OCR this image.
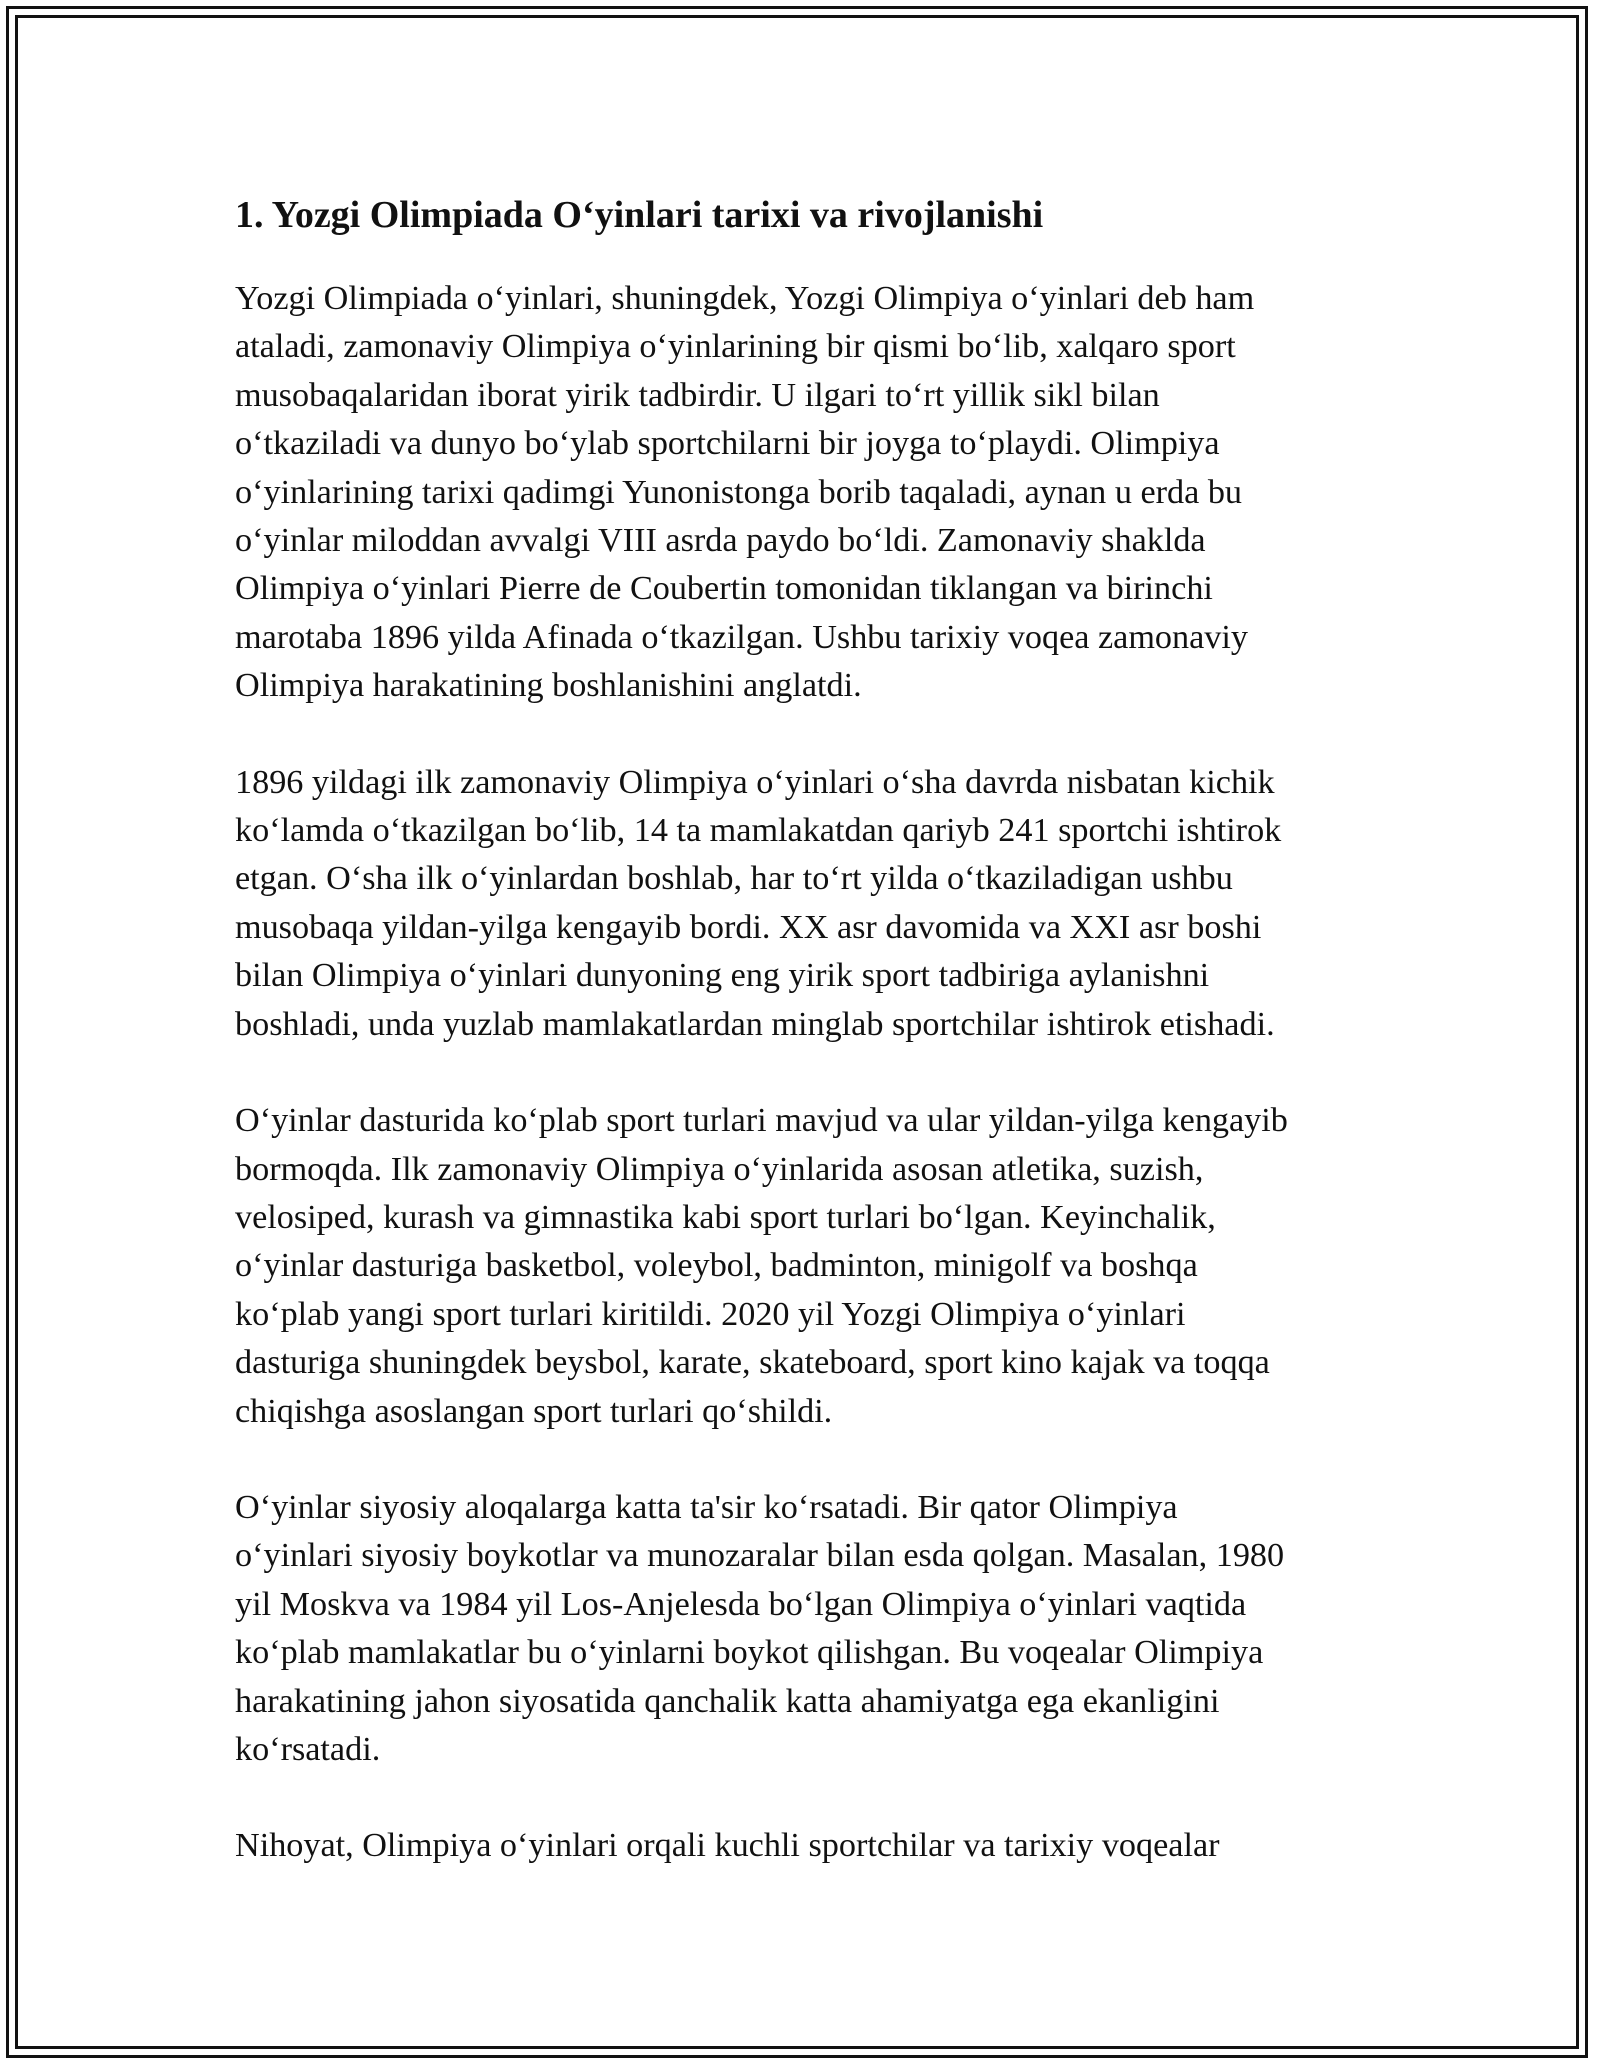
1. Yozgi Olimpiada O‘yinlari tarixi va rivojlanishi

Yozgi Olimpiada o‘yinlari, shuningdek, Yozgi Olimpiya o‘yinlari deb ham
ataladi, zamonaviy Olimpiya o‘yinlarining bir qismi bo‘lib, xalqaro sport
musobaqalaridan iborat yirik tadbirdir. U ilgari to‘rt yillik sikl bilan
o‘tkaziladi va dunyo bo‘ylab sportchilarni bir joyga to‘playdi. Olimpiya
o‘yinlarining tarixi qadimgi Yunonistonga borib taqaladi, aynan u erda bu
o‘yinlar miloddan avvalgi VIII asrda paydo bo‘ldi. Zamonaviy shaklda
Olimpiya o‘yinlari Pierre de Coubertin tomonidan tiklangan va birinchi
marotaba 1896 yilda Afinada o‘tkazilgan. Ushbu tarixiy voqea zamonaviy
Olimpiya harakatining boshlanishini anglatdi.

1896 yildagi ilk zamonaviy Olimpiya o‘yinlari o‘sha davrda nisbatan kichik
ko‘lamda o‘tkazilgan bo‘lib, 14 ta mamlakatdan qariyb 241 sportchi ishtirok
etgan. O‘sha ilk o‘yinlardan boshlab, har to‘rt yilda o‘tkaziladigan ushbu
musobaqa yildan-yilga kengayib bordi. XX asr davomida va XXI asr boshi
bilan Olimpiya o‘yinlari dunyoning eng yirik sport tadbiriga aylanishni
boshladi, unda yuzlab mamlakatlardan minglab sportchilar ishtirok etishadi.

O‘yinlar dasturida ko‘plab sport turlari mavjud va ular yildan-yilga kengayib
bormoqda. Ilk zamonaviy Olimpiya o‘yinlarida asosan atletika, suzish,
velosiped, kurash va gimnastika kabi sport turlari bo‘lgan. Keyinchalik,
o‘yinlar dasturiga basketbol, voleybol, badminton, minigolf va boshqa
ko‘plab yangi sport turlari kiritildi. 2020 yil Yozgi Olimpiya o‘yinlari
dasturiga shuningdek beysbol, karate, skateboard, sport kino kajak va toqqa
chiqishga asoslangan sport turlari qo‘shildi.

O‘yinlar siyosiy aloqalarga katta ta'sir ko‘rsatadi. Bir qator Olimpiya
o‘yinlari siyosiy boykotlar va munozaralar bilan esda qolgan. Masalan, 1980
yil Moskva va 1984 yil Los-Anjelesda bo‘lgan Olimpiya o‘yinlari vaqtida
ko‘plab mamlakatlar bu o‘yinlarni boykot qilishgan. Bu voqealar Olimpiya
harakatining jahon siyosatida qanchalik katta ahamiyatga ega ekanligini
ko‘rsatadi.

Nihoyat, Olimpiya o‘yinlari orqali kuchli sportchilar va tarixiy voqealar
